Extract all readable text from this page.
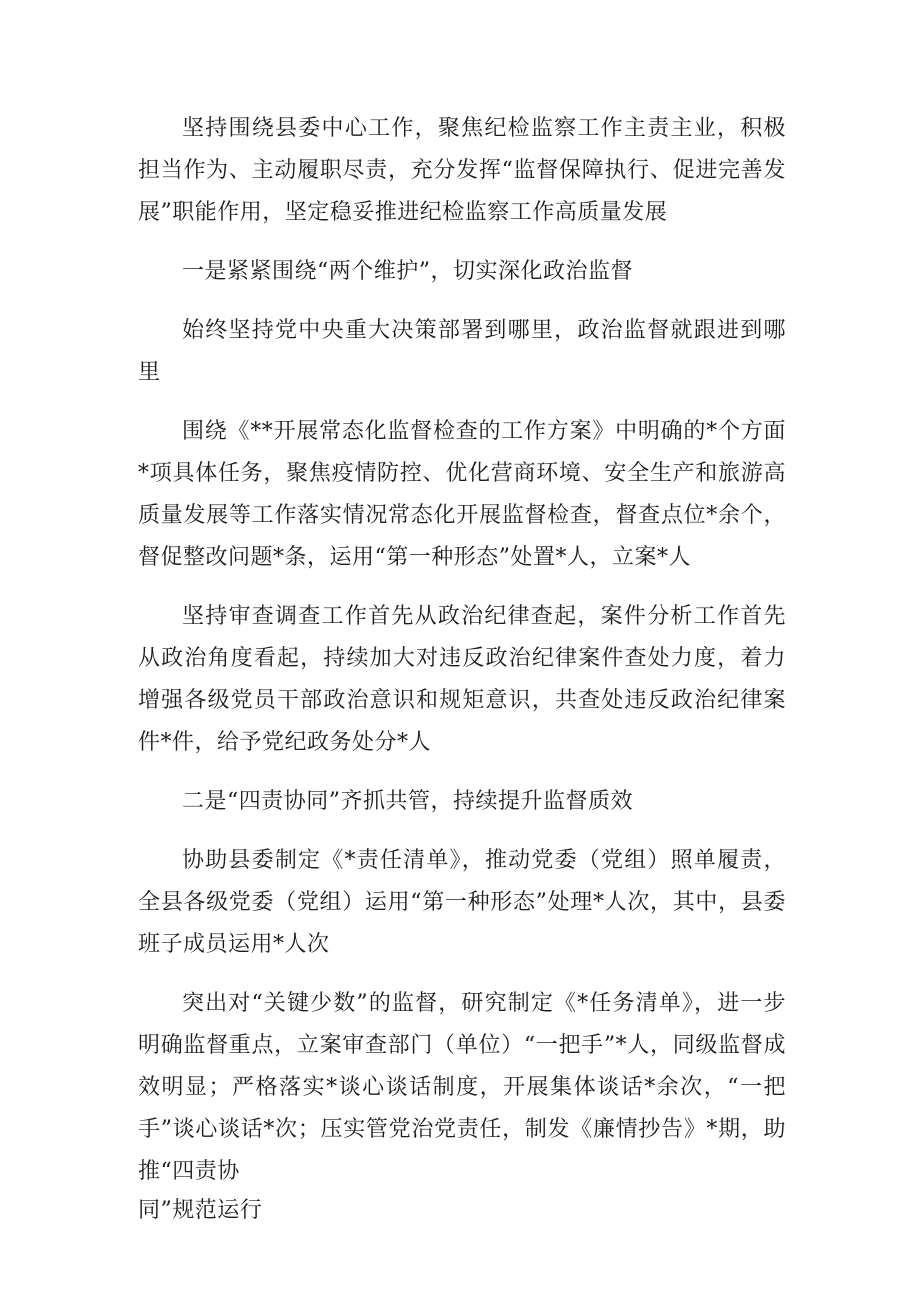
坚持围绕县委中心工作，聚焦纪检监察工作主责主业，积极担当作为、主动履职尽责，充分发挥“监督保障执行、促进完善发展”职能作用，坚定稳妥推进纪检监察工作高质量发展

一是紧紧围绕“两个维护”，切实深化政治监督

始终坚持党中央重大决策部署到哪里，政治监督就跟进到哪里

围绕《**开展常态化监督检查的工作方案》中明确的*个方面*项具体任务，聚焦疫情防控、优化营商环境、安全生产和旅游高质量发展等工作落实情况常态化开展监督检查，督查点位*余个，督促整改问题*条，运用“第一种形态”处置*人，立案*人

坚持审查调查工作首先从政治纪律查起，案件分析工作首先从政治角度看起，持续加大对违反政治纪律案件查处力度，着力增强各级党员干部政治意识和规矩意识，共查处违反政治纪律案件*件，给予党纪政务处分*人

二是“四责协同”齐抓共管，持续提升监督质效

协助县委制定《*责任清单》，推动党委（党组）照单履责，全县各级党委（党组）运用“第一种形态”处理*人次，其中，县委班子成员运用*人次

突出对“关键少数”的监督，研究制定《*任务清单》，进一步明确监督重点，立案审查部门（单位）“一把手”*人，同级监督成效明显；严格落实*谈心谈话制度，开展集体谈话*余次，“一把手”谈心谈话*次；压实管党治党责任，制发《廉情抄告》*期，助推“四责协

同”规范运行
